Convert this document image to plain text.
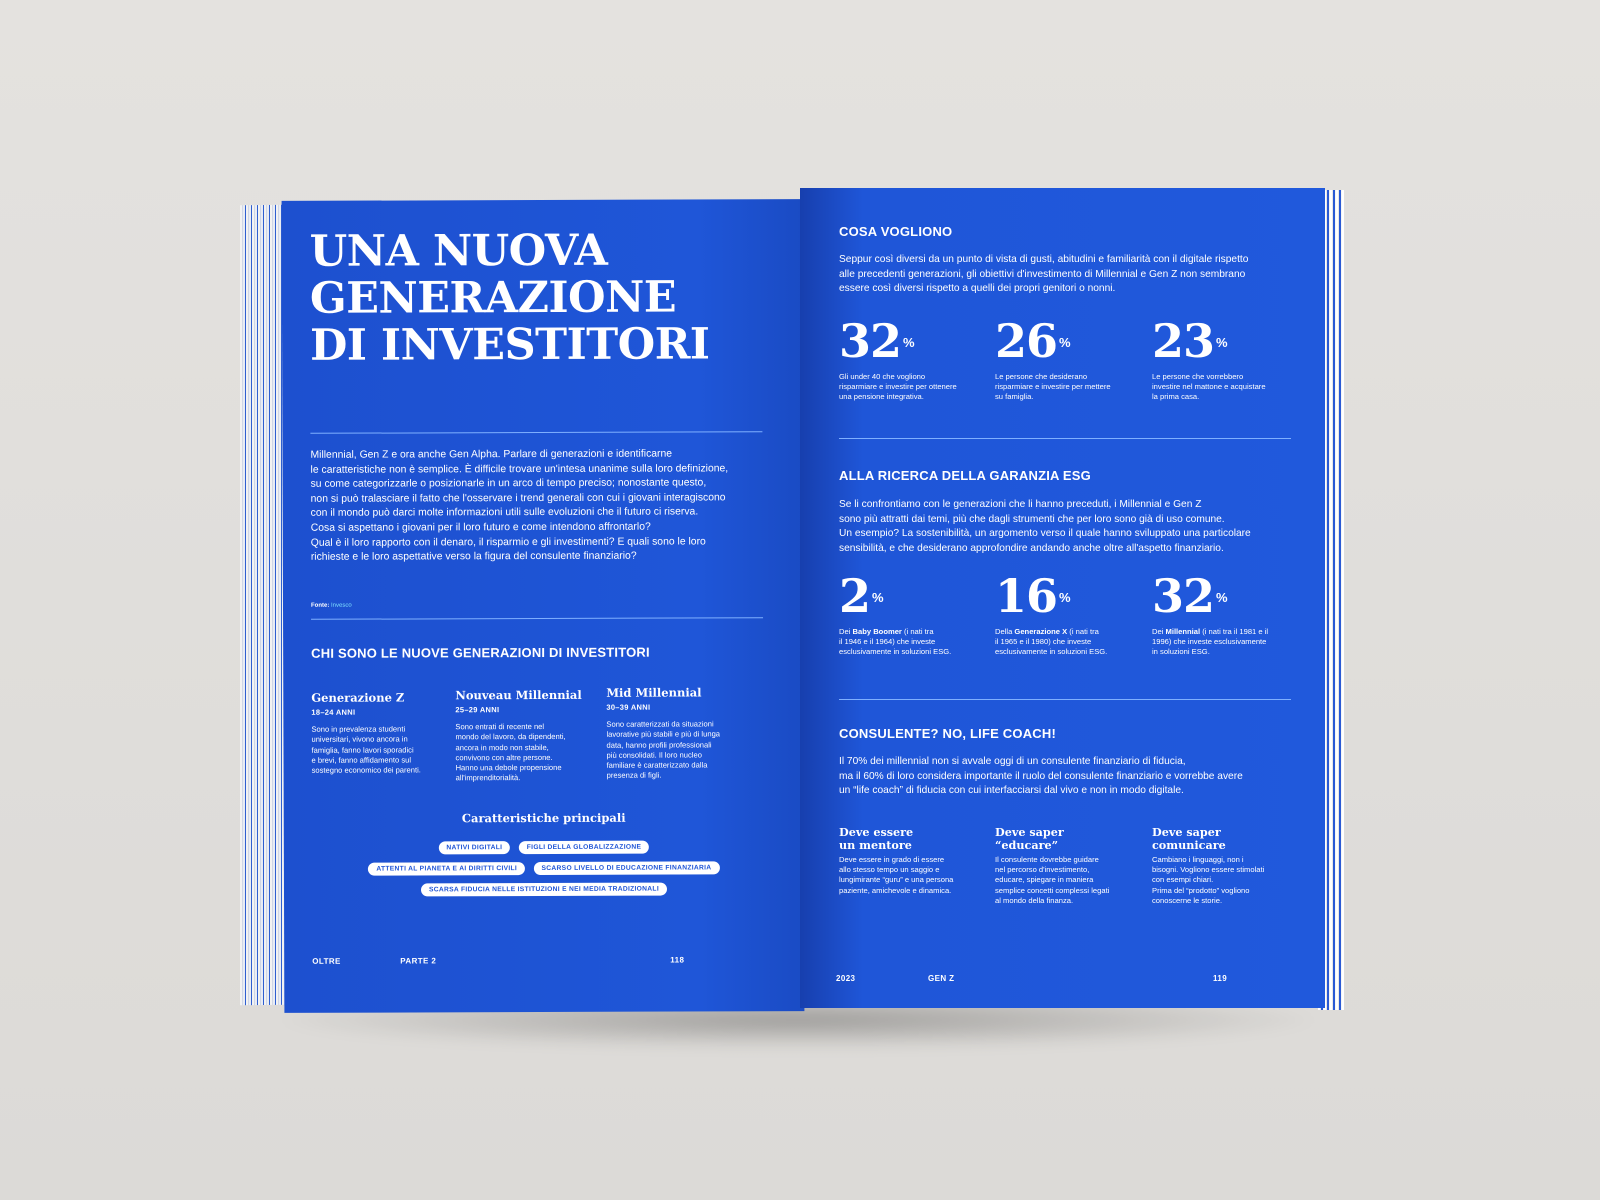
UNA NUOVA
GENERAZIONE
DI INVESTITORI
Millennial, Gen Z e ora anche Gen Alpha. Parlare di generazioni e identificarne
le caratteristiche non è semplice. È difficile trovare un'intesa unanime sulla loro definizione,
su come categorizzarle o posizionarle in un arco di tempo preciso; nonostante questo,
non si può tralasciare il fatto che l'osservare i trend generali con cui i giovani interagiscono
con il mondo può darci molte informazioni utili sulle evoluzioni che il futuro ci riserva.
Cosa si aspettano i giovani per il loro futuro e come intendono affrontarlo?
Qual è il loro rapporto con il denaro, il risparmio e gli investimenti? E quali sono le loro
richieste e le loro aspettative verso la figura del consulente finanziario?
Fonte: Invesco
CHI SONO LE NUOVE GENERAZIONI DI INVESTITORI
Generazione Z
18–24 ANNI
Sono in prevalenza studenti
universitari, vivono ancora in
famiglia, fanno lavori sporadici
e brevi, fanno affidamento sul
sostegno economico dei parenti.
Nouveau Millennial
25–29 ANNI
Sono entrati di recente nel
mondo del lavoro, da dipendenti,
ancora in modo non stabile,
convivono con altre persone.
Hanno una debole propensione
all'imprenditorialità.
Mid Millennial
30–39 ANNI
Sono caratterizzati da situazioni
lavorative più stabili e più di lunga
data, hanno profili professionali
più consolidati. Il loro nucleo
familiare è caratterizzato dalla
presenza di figli.
Caratteristiche principali
NATIVI DIGITALI	FIGLI DELLA GLOBALIZZAZIONE
ATTENTI AL PIANETA E AI DIRITTI CIVILI	SCARSO LIVELLO DI EDUCAZIONE FINANZIARIA
SCARSA FIDUCIA NELLE ISTITUZIONI E NEI MEDIA TRADIZIONALI
OLTRE	PARTE 2	118
COSA VOGLIONO
Seppur così diversi da un punto di vista di gusti, abitudini e familiarità con il digitale rispetto
alle precedenti generazioni, gli obiettivi d'investimento di Millennial e Gen Z non sembrano
essere così diversi rispetto a quelli dei propri genitori o nonni.
32 %
Gli under 40 che vogliono
risparmiare e investire per ottenere
una pensione integrativa.
26 %
Le persone che desiderano
risparmiare e investire per mettere
su famiglia.
23 %
Le persone che vorrebbero
investire nel mattone e acquistare
la prima casa.
ALLA RICERCA DELLA GARANZIA ESG
Se li confrontiamo con le generazioni che li hanno preceduti, i Millennial e Gen Z
sono più attratti dai temi, più che dagli strumenti che per loro sono già di uso comune.
Un esempio? La sostenibilità, un argomento verso il quale hanno sviluppato una particolare
sensibilità, e che desiderano approfondire andando anche oltre all'aspetto finanziario.
2 %
Dei Baby Boomer (i nati tra
il 1946 e il 1964) che investe
esclusivamente in soluzioni ESG.
16 %
Della Generazione X (i nati tra
il 1965 e il 1980) che investe
esclusivamente in soluzioni ESG.
32 %
Dei Millennial (i nati tra il 1981 e il
1996) che investe esclusivamente
in soluzioni ESG.
CONSULENTE? NO, LIFE COACH!
Il 70% dei millennial non si avvale oggi di un consulente finanziario di fiducia,
ma il 60% di loro considera importante il ruolo del consulente finanziario e vorrebbe avere
un “life coach” di fiducia con cui interfacciarsi dal vivo e non in modo digitale.
Deve essere
un mentore
Deve essere in grado di essere
allo stesso tempo un saggio e
lungimirante “guru” e una persona
paziente, amichevole e dinamica.
Deve saper
“educare”
Il consulente dovrebbe guidare
nel percorso d'investimento,
educare, spiegare in maniera
semplice concetti complessi legati
al mondo della finanza.
Deve saper
comunicare
Cambiano i linguaggi, non i
bisogni. Vogliono essere stimolati
con esempi chiari.
Prima del “prodotto” vogliono
conoscerne le storie.
2023	GEN Z	119
